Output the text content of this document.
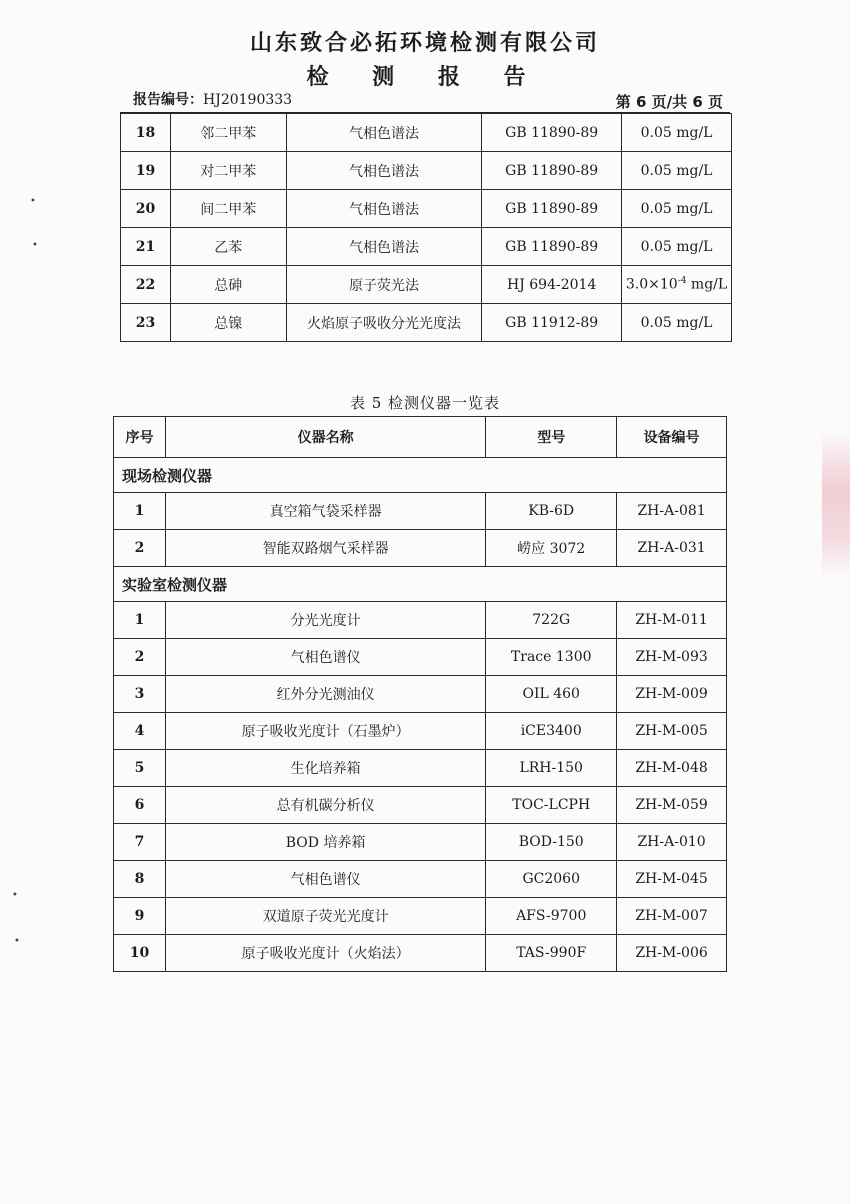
山东致合必拓环境检测有限公司
检 测 报 告
报告编号：HJ20190333	第 6 页/共 6 页
18	邻二甲苯	气相色谱法	GB 11890-89	0.05 mg/L
19	对二甲苯	气相色谱法	GB 11890-89	0.05 mg/L
20	间二甲苯	气相色谱法	GB 11890-89	0.05 mg/L
21	乙苯	气相色谱法	GB 11890-89	0.05 mg/L
22	总砷	原子荧光法	HJ 694-2014	$3.0\times 10^{-4}$ mg/L
23	总镍	火焰原子吸收分光光度法	GB 11912-89	0.05 mg/L
表 5 检测仪器一览表
序号	仪器名称	型号	设备编号
现场检测仪器			
1	真空箱气袋采样器	KB-6D	ZH-A-081
2	智能双路烟气采样器	崂应 3072	ZH-A-031
实验室检测仪器			
1	分光光度计	722G	ZH-M-011
2	气相色谱仪	Trace 1300	ZH-M-093
3	红外分光测油仪	OIL 460	ZH-M-009
4	原子吸收光度计（石墨炉）	iCE3400	ZH-M-005
5	生化培养箱	LRH-150	ZH-M-048
6	总有机碳分析仪	TOC-LCPH	ZH-M-059
7	BOD 培养箱	BOD-150	ZH-A-010
8	气相色谱仪	GC2060	ZH-M-045
9	双道原子荧光光度计	AFS-9700	ZH-M-007
10	原子吸收光度计（火焰法）	TAS-990F	ZH-M-006
•
•
•
•
